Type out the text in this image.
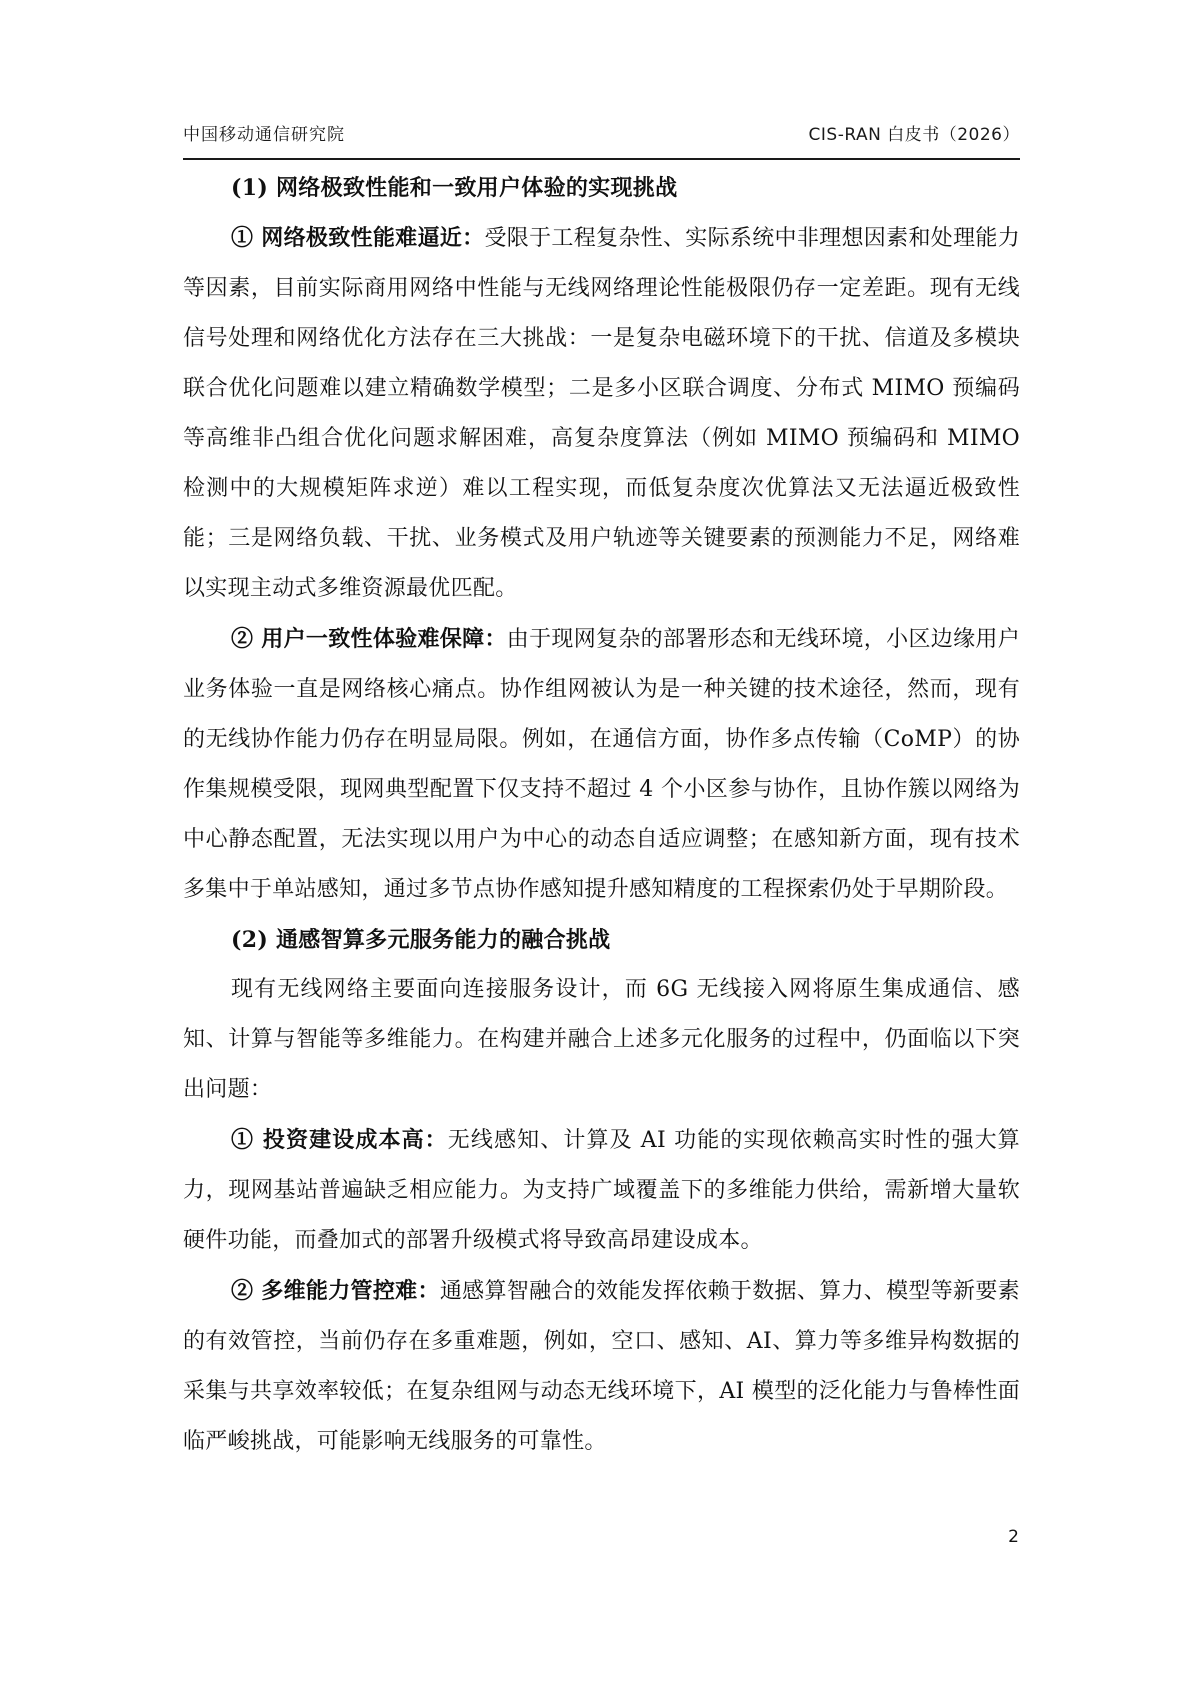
中国移动通信研究院	CIS-RAN 白皮书（2026）

(1) 网络极致性能和一致用户体验的实现挑战

① 网络极致性能难逼近：受限于工程复杂性、实际系统中非理想因素和处理能力等因素，目前实际商用网络中性能与无线网络理论性能极限仍存一定差距。现有无线信号处理和网络优化方法存在三大挑战：一是复杂电磁环境下的干扰、信道及多模块联合优化问题难以建立精确数学模型；二是多小区联合调度、分布式 MIMO 预编码等高维非凸组合优化问题求解困难，高复杂度算法（例如 MIMO 预编码和 MIMO 检测中的大规模矩阵求逆）难以工程实现，而低复杂度次优算法又无法逼近极致性能；三是网络负载、干扰、业务模式及用户轨迹等关键要素的预测能力不足，网络难以实现主动式多维资源最优匹配。

② 用户一致性体验难保障：由于现网复杂的部署形态和无线环境，小区边缘用户业务体验一直是网络核心痛点。协作组网被认为是一种关键的技术途径，然而，现有的无线协作能力仍存在明显局限。例如，在通信方面，协作多点传输（CoMP）的协作集规模受限，现网典型配置下仅支持不超过 4 个小区参与协作，且协作簇以网络为中心静态配置，无法实现以用户为中心的动态自适应调整；在感知新方面，现有技术多集中于单站感知，通过多节点协作感知提升感知精度的工程探索仍处于早期阶段。

(2) 通感智算多元服务能力的融合挑战

现有无线网络主要面向连接服务设计，而 6G 无线接入网将原生集成通信、感知、计算与智能等多维能力。在构建并融合上述多元化服务的过程中，仍面临以下突出问题：

① 投资建设成本高：无线感知、计算及 AI 功能的实现依赖高实时性的强大算力，现网基站普遍缺乏相应能力。为支持广域覆盖下的多维能力供给，需新增大量软硬件功能，而叠加式的部署升级模式将导致高昂建设成本。

② 多维能力管控难：通感算智融合的效能发挥依赖于数据、算力、模型等新要素的有效管控，当前仍存在多重难题，例如，空口、感知、AI、算力等多维异构数据的采集与共享效率较低；在复杂组网与动态无线环境下，AI 模型的泛化能力与鲁棒性面临严峻挑战，可能影响无线服务的可靠性。

2
